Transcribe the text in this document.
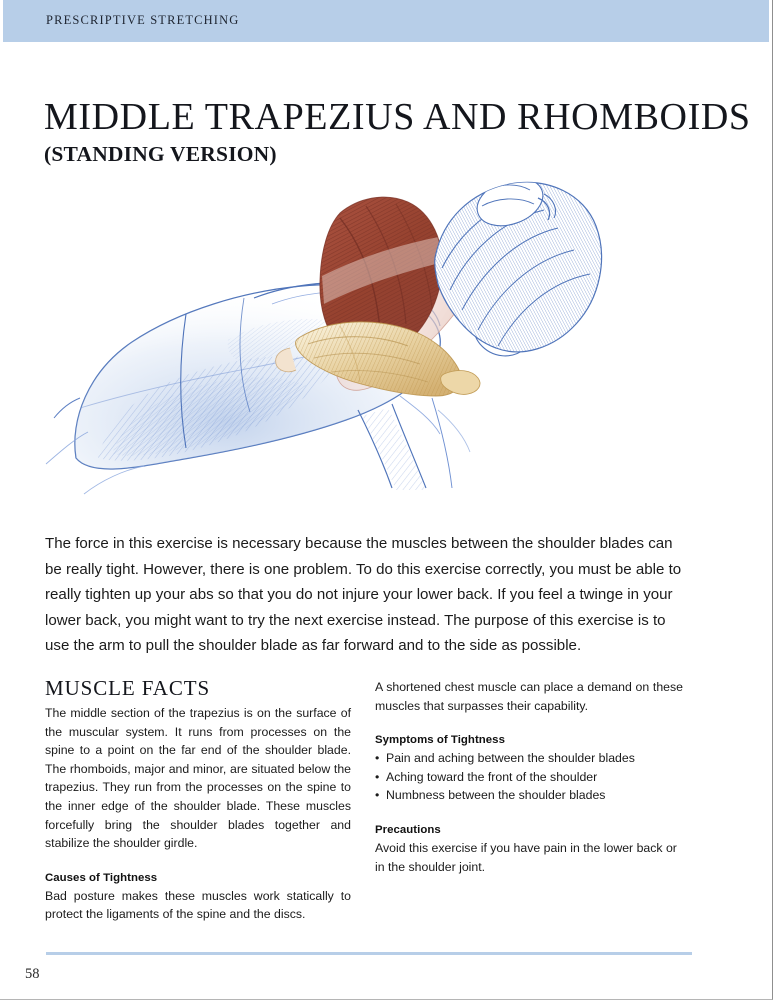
PRESCRIPTIVE STRETCHING
MIDDLE TRAPEZIUS AND RHOMBOIDS
(STANDING VERSION)

The force in this exercise is necessary because the muscles between the shoulder blades can be really tight. However, there is one problem. To do this exercise correctly, you must be able to really tighten up your abs so that you do not injure your lower back. If you feel a twinge in your lower back, you might want to try the next exercise instead. The purpose of this exercise is to use the arm to pull the shoulder blade as far forward and to the side as possible.

MUSCLE FACTS

The middle section of the trapezius is on the surface of the muscular system. It runs from processes on the spine to a point on the far end of the shoulder blade. The rhomboids, major and minor, are situated below the trapezius. They run from the processes on the spine to the inner edge of the shoulder blade. These muscles forcefully bring the shoulder blades together and stabilize the shoulder girdle.

Causes of Tightness

Bad posture makes these muscles work statically to protect the ligaments of the spine and the discs.

A shortened chest muscle can place a demand on these muscles that surpasses their capability.

Symptoms of Tightness
• Pain and aching between the shoulder blades
• Aching toward the front of the shoulder
• Numbness between the shoulder blades
Precautions

Avoid this exercise if you have pain in the lower back or in the shoulder joint.

58
